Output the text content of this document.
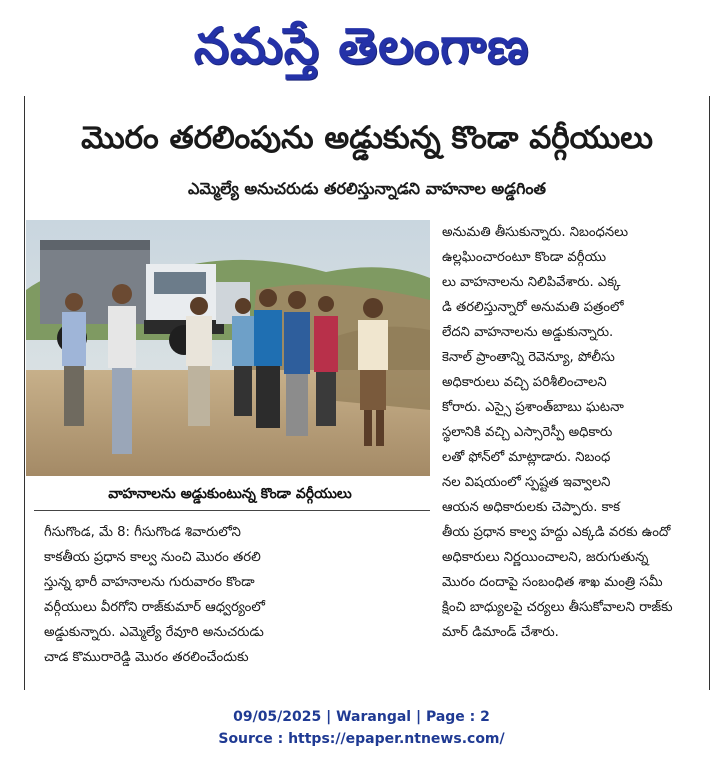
నమస్తే తెలంగాణ
మొరం తరలింపును అడ్డుకున్న కొండా వర్గీయులు
ఎమ్మెల్యే అనుచరుడు తరలిస్తున్నాడని వాహనాల అడ్డగింత
వాహనాలను అడ్డుకుంటున్న కొండా వర్గీయులు
అనుమతి తీసుకున్నారు. నిబంధనలు
ఉల్లఘించారంటూ కొండా వర్గీయు
లు వాహనాలను నిలిపివేశారు. ఎక్క
డి తరలిస్తున్నారో అనుమతి పత్రంలో
లేదని వాహనాలను అడ్డుకున్నారు.
కెనాల్ ప్రాంతాన్ని రెవెన్యూ, పోలీసు
అధికారులు వచ్చి పరిశీలించాలని
కోరారు. ఎస్సై ప్రశాంత్‌బాబు ఘటనా
స్థలానికి వచ్చి ఎస్సారెస్పీ అధికారు
లతో ఫోన్‌లో మాట్లాడారు. నిబంధ
నల విషయంలో స్పష్టత ఇవ్వాలని
ఆయన అధికారులకు చెప్పారు. కాక
గీసుగొండ, మే 8: గీసుగొండ శివారులోని
కాకతీయ ప్రధాన కాల్వ నుంచి మొరం తరలి
స్తున్న భారీ వాహనాలను గురువారం కొండా
వర్గీయులు వీరగోని రాజ్‌కుమార్ ఆధ్వర్యంలో
అడ్డుకున్నారు. ఎమ్మెల్యే రేవూరి అనుచరుడు
చాడ కొమురారెడ్డి మొరం తరలించేందుకు
తీయ ప్రధాన కాల్వ హద్దు ఎక్కడి వరకు ఉందో
అధికారులు నిర్ణయించాలని, జరుగుతున్న
మొరం దందాపై సంబంధిత శాఖ మంత్రి సమీ
క్షించి బాధ్యులపై చర్యలు తీసుకోవాలని రాజ్‌కు
మార్ డిమాండ్ చేశారు.
09/05/2025 | Warangal | Page : 2
Source : https://epaper.ntnews.com/
